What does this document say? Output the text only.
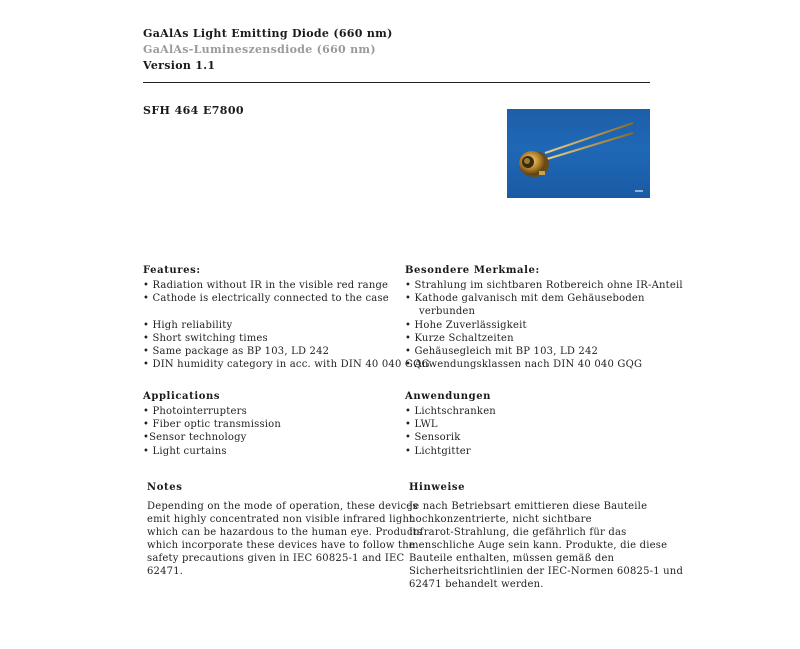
GaAlAs Light Emitting Diode (660 nm)
GaAlAs-Lumineszensdiode (660 nm)
Version 1.1
SFH 464 E7800
Features:
• Radiation without IR in the visible red range
• Cathode is electrically connected to the case
• High reliability
• Short switching times
• Same package as BP 103, LD 242
• DIN humidity category in acc. with DIN 40 040 GQG
Besondere Merkmale:
• Strahlung im sichtbaren Rotbereich ohne IR-Anteil
• Kathode galvanisch mit dem Gehäuseboden
verbunden
• Hohe Zuverlässigkeit
• Kurze Schaltzeiten
• Gehäusegleich mit BP 103, LD 242
• Anwendungsklassen nach DIN 40 040 GQG
Applications
• Photointerrupters
• Fiber optic transmission
•Sensor technology
• Light curtains
Anwendungen
• Lichtschranken
• LWL
• Sensorik
• Lichtgitter
Notes
Depending on the mode of operation, these devices
emit highly concentrated non visible infrared light
which can be hazardous to the human eye. Products
which incorporate these devices have to follow the
safety precautions given in IEC 60825-1 and IEC
62471.
Hinweise
Je nach Betriebsart emittieren diese Bauteile
hochkonzentrierte, nicht sichtbare
Infrarot-Strahlung, die gefährlich für das
menschliche Auge sein kann. Produkte, die diese
Bauteile enthalten, müssen gemäß den
Sicherheitsrichtlinien der IEC-Normen 60825-1 und
62471 behandelt werden.
